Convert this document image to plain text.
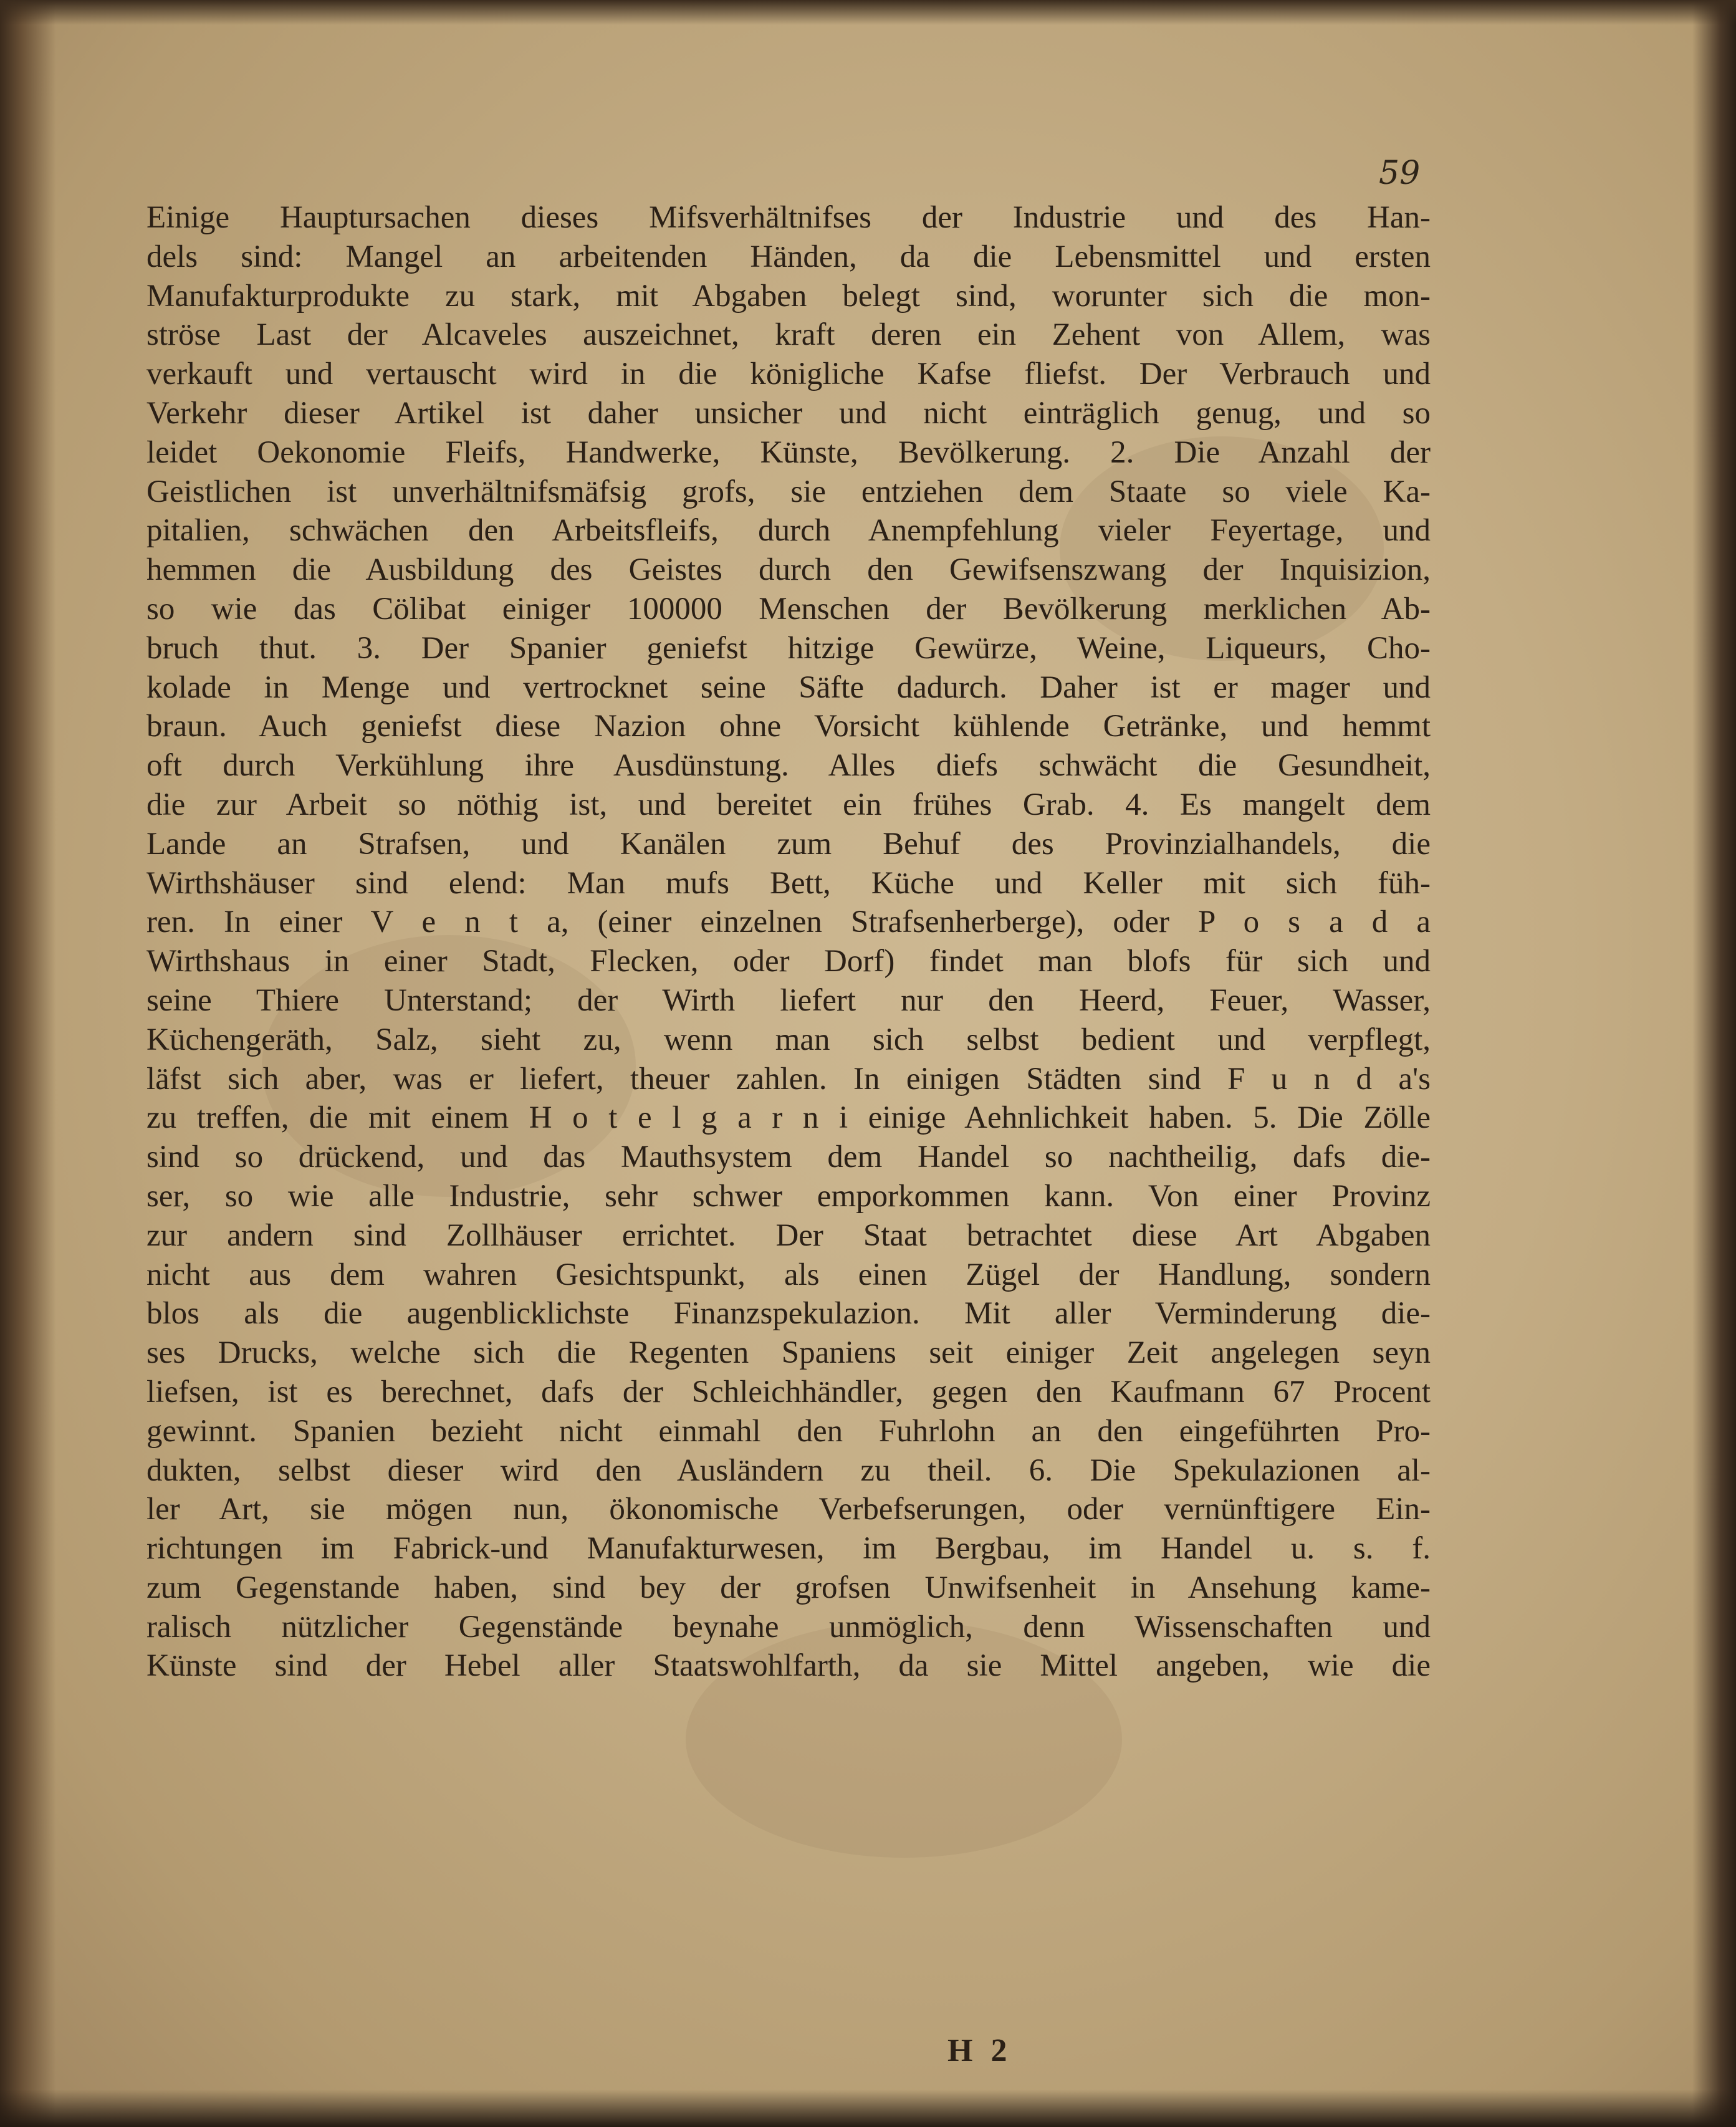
59
Einige Hauptursachen dieses Mifsverhältnifses der Industrie und des Han-
dels sind: Mangel an arbeitenden Händen, da die Lebensmittel und ersten
Manufakturprodukte zu stark, mit Abgaben belegt sind, worunter sich die mon-
ströse Last der Alcaveles auszeichnet, kraft deren ein Zehent von Allem, was
verkauft und vertauscht wird in die königliche Kafse fliefst. Der Verbrauch und
Verkehr dieser Artikel ist daher unsicher und nicht einträglich genug, und so
leidet Oekonomie Fleifs, Handwerke, Künste, Bevölkerung. 2. Die Anzahl der
Geistlichen ist unverhältnifsmäfsig grofs, sie entziehen dem Staate so viele Ka-
pitalien, schwächen den Arbeitsfleifs, durch Anempfehlung vieler Feyertage, und
hemmen die Ausbildung des Geistes durch den Gewifsenszwang der Inquisizion,
so wie das Cölibat einiger 100000 Menschen der Bevölkerung merklichen Ab-
bruch thut. 3. Der Spanier geniefst hitzige Gewürze, Weine, Liqueurs, Cho-
kolade in Menge und vertrocknet seine Säfte dadurch. Daher ist er mager und
braun. Auch geniefst diese Nazion ohne Vorsicht kühlende Getränke, und hemmt
oft durch Verkühlung ihre Ausdünstung. Alles diefs schwächt die Gesundheit,
die zur Arbeit so nöthig ist, und bereitet ein frühes Grab. 4. Es mangelt dem
Lande an Strafsen, und Kanälen zum Behuf des Provinzialhandels, die
Wirthshäuser sind elend: Man mufs Bett, Küche und Keller mit sich füh-
ren. In einer V e n t a, (einer einzelnen Strafsenherberge), oder P o s a d a
Wirthshaus in einer Stadt, Flecken, oder Dorf) findet man blofs für sich und
seine Thiere Unterstand; der Wirth liefert nur den Heerd, Feuer, Wasser,
Küchengeräth, Salz, sieht zu, wenn man sich selbst bedient und verpflegt,
läfst sich aber, was er liefert, theuer zahlen. In einigen Städten sind F u n d a's
zu treffen, die mit einem H o t e l g a r n i einige Aehnlichkeit haben. 5. Die Zölle
sind so drückend, und das Mauthsystem dem Handel so nachtheilig, dafs die-
ser, so wie alle Industrie, sehr schwer emporkommen kann. Von einer Provinz
zur andern sind Zollhäuser errichtet. Der Staat betrachtet diese Art Abgaben
nicht aus dem wahren Gesichtspunkt, als einen Zügel der Handlung, sondern
blos als die augenblicklichste Finanzspekulazion. Mit aller Verminderung die-
ses Drucks, welche sich die Regenten Spaniens seit einiger Zeit angelegen seyn
liefsen, ist es berechnet, dafs der Schleichhändler, gegen den Kaufmann 67 Procent
gewinnt. Spanien bezieht nicht einmahl den Fuhrlohn an den eingeführten Pro-
dukten, selbst dieser wird den Ausländern zu theil. 6. Die Spekulazionen al-
ler Art, sie mögen nun, ökonomische Verbefserungen, oder vernünftigere Ein-
richtungen im Fabrick-und Manufakturwesen, im Bergbau, im Handel u. s. f.
zum Gegenstande haben, sind bey der grofsen Unwifsenheit in Ansehung kame-
ralisch nützlicher Gegenstände beynahe unmöglich, denn Wissenschaften und
Künste sind der Hebel aller Staatswohlfarth, da sie Mittel angeben, wie die
H 2
